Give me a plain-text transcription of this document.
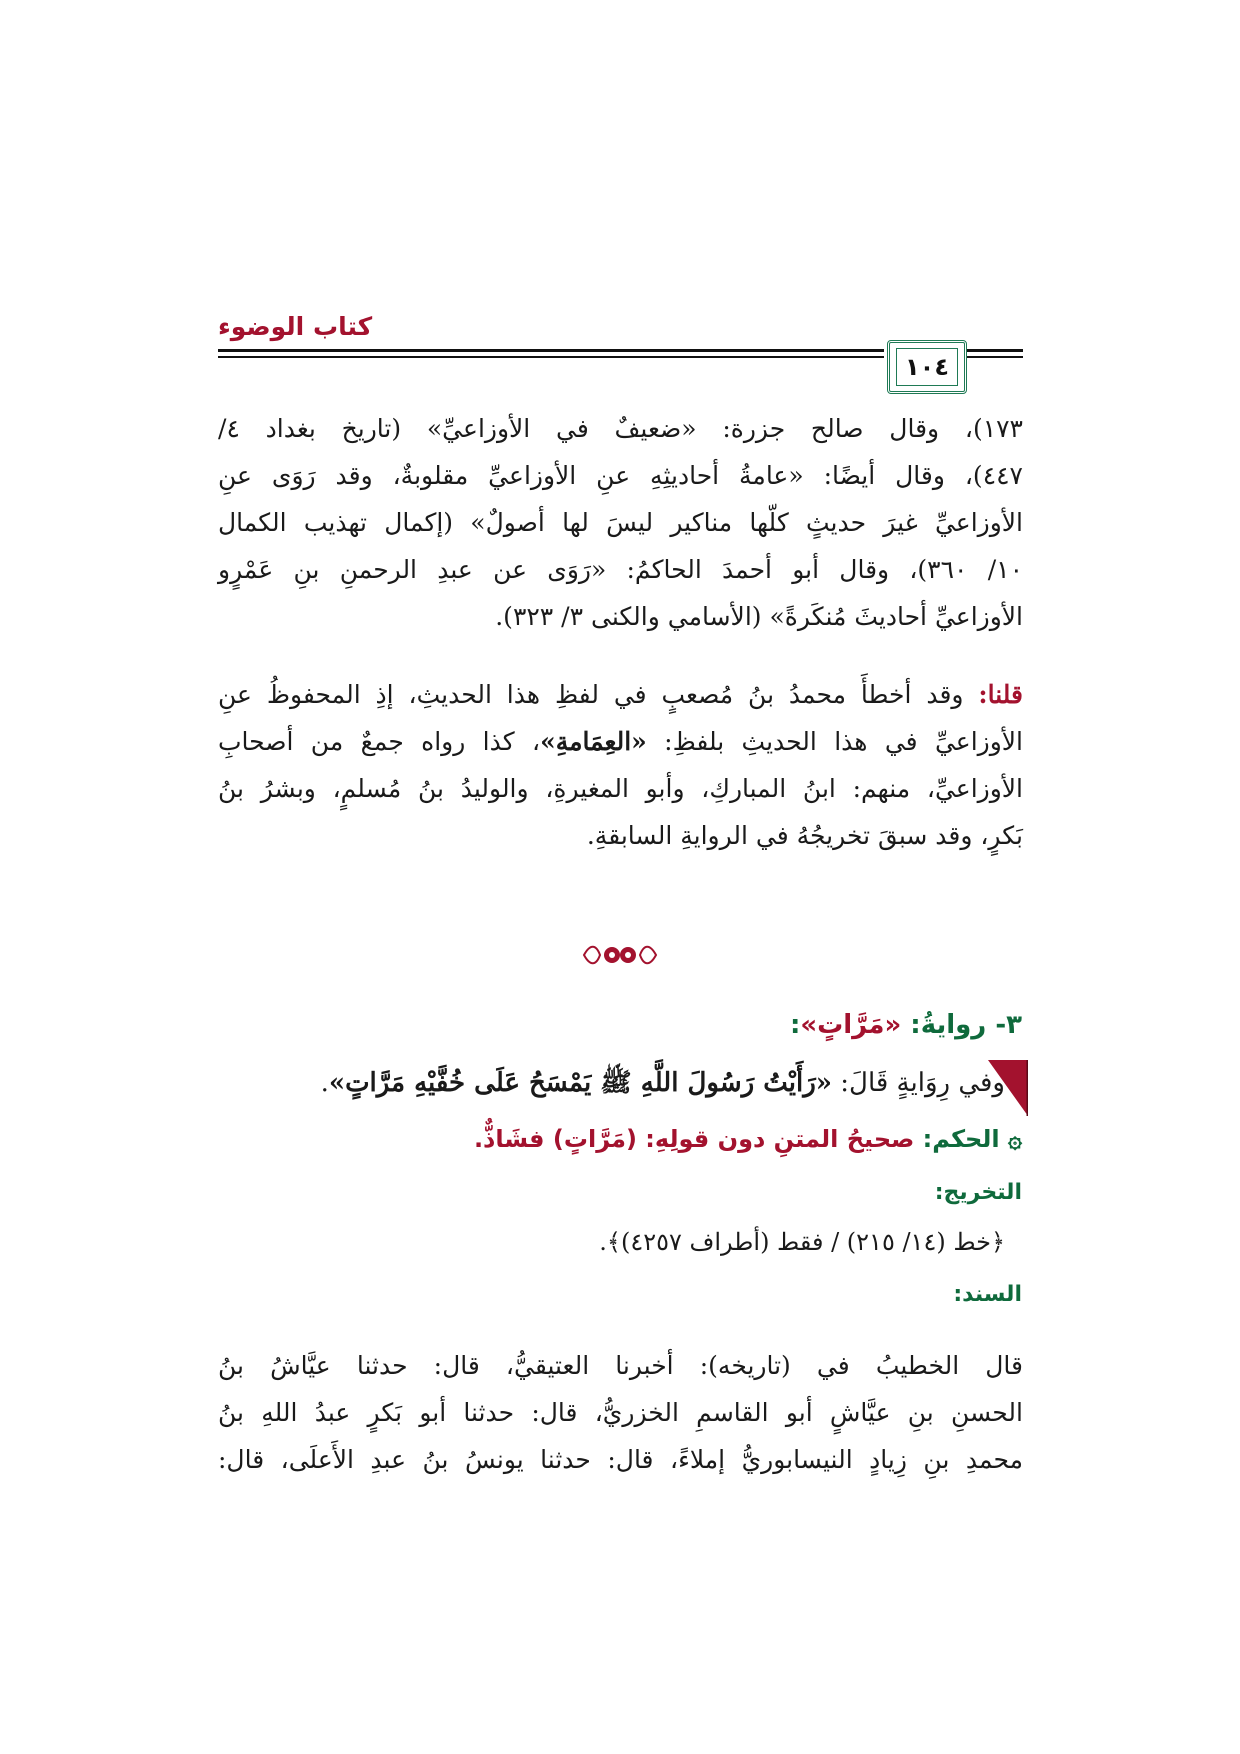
كتاب الوضوء
١٠٤
١٧٣)، وقال صالح جزرة: «ضعيفٌ في الأوزاعيِّ» (تاريخ بغداد ٤/
٤٤٧)، وقال أيضًا: «عامةُ أحاديثِهِ عنِ الأوزاعيِّ مقلوبةٌ، وقد رَوَى عنِ
الأوزاعيِّ غيرَ حديثٍ كلّها مناكير ليسَ لها أصولٌ» (إكمال تهذيب الكمال
١٠/ ٣٦٠)، وقال أبو أحمدَ الحاكمُ: «رَوَى عن عبدِ الرحمنِ بنِ عَمْرٍو
الأوزاعيِّ أحاديثَ مُنكَرةً» (الأسامي والكنى ٣/ ٣٢٣).
قلنا: وقد أخطأَ محمدُ بنُ مُصعبٍ في لفظِ هذا الحديثِ، إذِ المحفوظُ عنِ
الأوزاعيِّ في هذا الحديثِ بلفظِ: «العِمَامةِ»، كذا رواه جمعٌ من أصحابِ
الأوزاعيِّ، منهم: ابنُ المباركِ، وأبو المغيرةِ، والوليدُ بنُ مُسلمٍ، وبشرُ بنُ
بَكرٍ، وقد سبقَ تخريجُهُ في الروايةِ السابقةِ.
٣- روايةُ: «مَرَّاتٍ»:
وفي رِوَايةٍ قَالَ: «رَأَيْتُ رَسُولَ اللَّهِ ﷺ يَمْسَحُ عَلَى خُفَّيْهِ مَرَّاتٍ».
۞ الحكم: صحيحُ المتنِ دون قولِهِ: (مَرَّاتٍ) فشَاذٌّ.
التخريج:
﴿خط (١٤/ ٢١٥) / فقط (أطراف ٤٢٥٧)﴾.
السند:
قال الخطيبُ في (تاريخه): أخبرنا العتيقيُّ، قال: حدثنا عيَّاشُ بنُ
الحسنِ بنِ عيَّاشٍ أبو القاسمِ الخزريُّ، قال: حدثنا أبو بَكرٍ عبدُ اللهِ بنُ
محمدِ بنِ زِيادٍ النيسابوريُّ إملاءً، قال: حدثنا يونسُ بنُ عبدِ الأَعلَى، قال:
